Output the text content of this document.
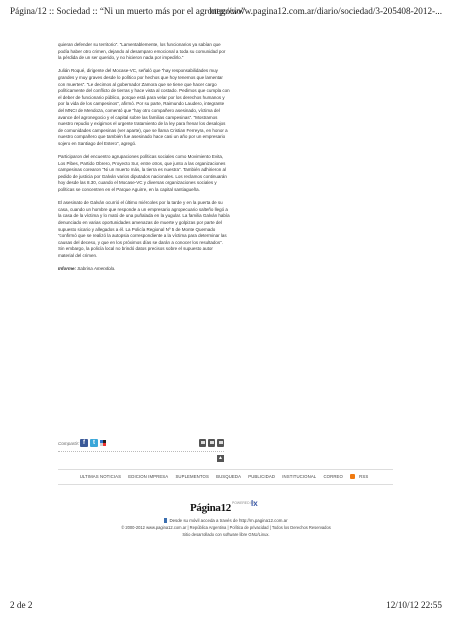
Página/12 :: Sociedad :: “Ni un muerto más por el agronegocio”
http://www.pagina12.com.ar/diario/sociedad/3-205408-2012-...

quieran defender su territorio”. “Lamentablemente, los funcionarios ya sabían que podía haber otro crimen, dejando al desamparo emocional a toda su comunidad por la pérdida de un ser querido, y no hicieron nada por impedirlo.”

Julián Roqué, dirigente del Mocase-VC, señaló que “hay responsabilidades muy grandes y muy graves desde lo político por hechos que hoy tenemos que lamentar con muertes”. “Le decimos al gobernador Zamora que se tiene que hacer cargo políticamente del conflicto de tierras y hace vista al costado. Pedimos que cumpla con el deber de funcionario público, porque está para velar por los derechos humanos y por la vida de los campesinos”, afirmó. Por su parte, Raimundo Laudero, integrante del MNCI de Mendoza, comentó que “hay otro compañero asesinado, víctima del avance del agronegocio y el capital sobre las familias campesinas”. “Mostramos nuestro repudio y exigimos el urgente tratamiento de la ley para frenar los desalojos de comunidades campesinas (ver aparte), que se llama Cristian Ferreyra, en honor a nuestro compañero que también fue asesinado hace casi un año por un empresario sojero en Santiago del Estero”, agregó.

Participaron del encuentro agrupaciones políticas sociales como Movimiento Evita, Los Pibes, Partido Obrero, Proyecto Sur, entre otros, que junto a las organizaciones campesinas corearon “Ni un muerto más, la tierra es nuestra”. También adhirieron al pedido de justicia por Galván varios diputados nacionales. Los reclamos continuarán hoy desde las 8.30, cuando el Mocase-VC y diversas organizaciones sociales y políticas se concentren en el Parque Aguirre, en la capital santiagueña.

El asesinato de Galván ocurrió el último miércoles por la tarde y en la puerta de su casa, cuando un hombre que responde a un empresario agropecuario salteño llegó a la casa de la víctima y lo mató de una puñalada en la yugular. La familia Galván había denunciado en varias oportunidades amenazas de muerte y golpizas por parte del supuesto sicario y allegados a él. La Policía Regional Nº 5 de Monte Quemado “confirmó que se realizó la autopsia correspondiente a la víctima para determinar las causas del deceso, y que en los próximos días se darán a conocer los resultados”. Sin embargo, la policía local no brindó datos precisos sobre el supuesto autor material del crimen.

Informe: Sabrina Amendola.

Compartir: f	t
▲
ULTIMAS NOTICIAS EDICION IMPRESA SUPLEMENTOS BUSQUEDA PUBLICIDAD INSTITUCIONAL CORREO	RSS
Página12 POWERED BY
lx
Desde su móvil acceda a través de http://m.pagina12.com.ar
© 2000-2012 www.pagina12.com.ar | República Argentina | Política de privacidad | Todos los Derechos Reservados
Sitio desarrollado con software libre GNU/Linux.
2 de 2	12/10/12 22:55
